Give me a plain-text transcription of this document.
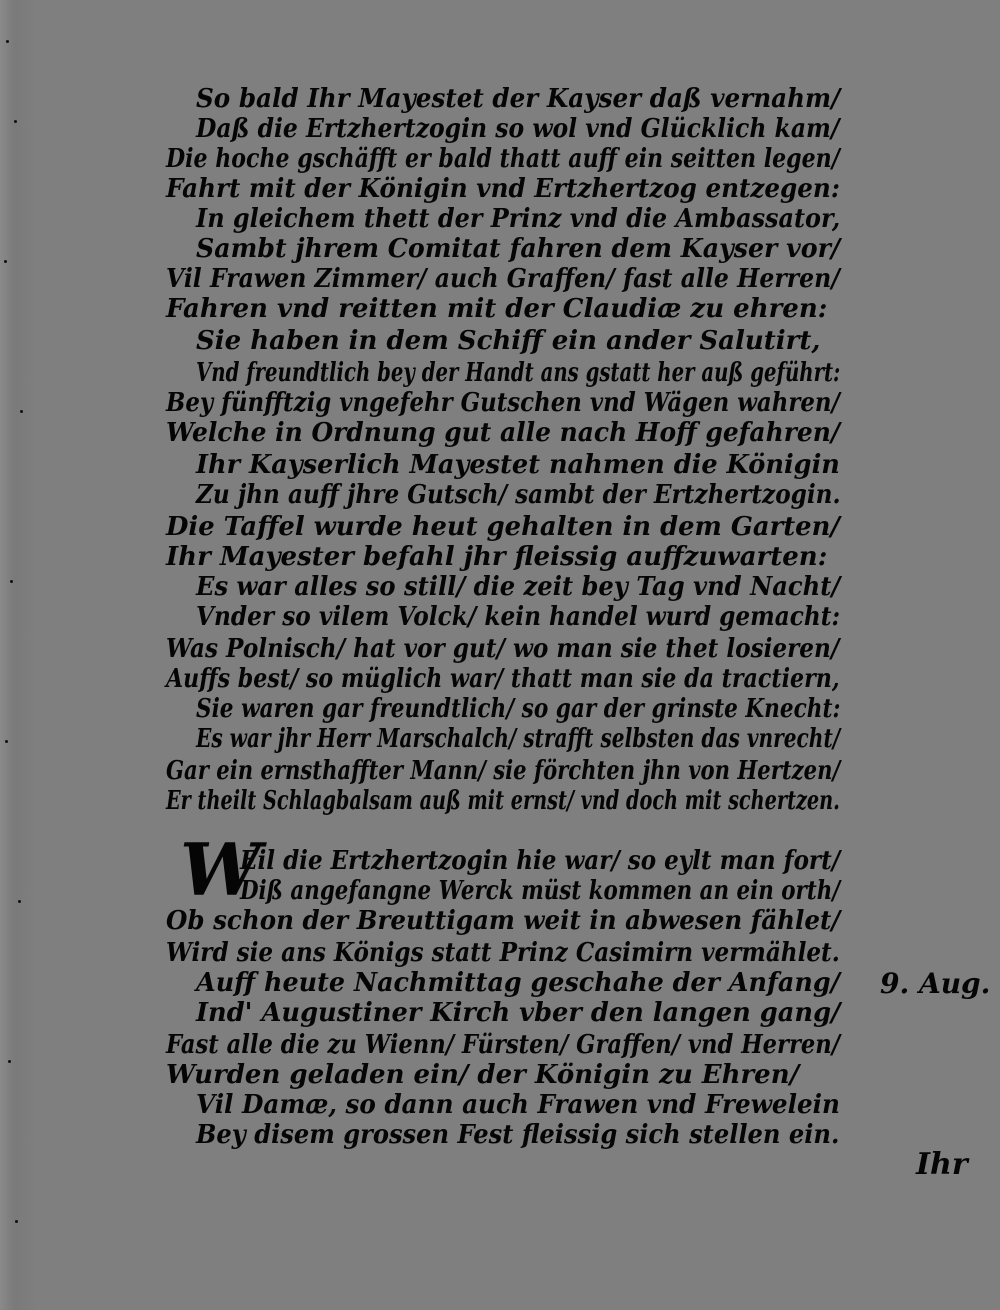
So bald Ihr Mayestet der Kayser daß vernahm/
Daß die Ertzhertzogin so wol vnd Glücklich kam/
Die hoche gschäfft er bald thatt auff ein seitten legen/
Fahrt mit der Königin vnd Ertzhertzog entzegen:
In gleichem thett der Prinz vnd die Ambassator,
Sambt jhrem Comitat fahren dem Kayser vor/
Vil Frawen Zimmer/ auch Graffen/ fast alle Herren/
Fahren vnd reitten mit der Claudiæ zu ehren:
Sie haben in dem Schiff ein ander Salutirt,
Vnd freundtlich bey der Handt ans gstatt her auß geführt:
Bey fünfftzig vngefehr Gutschen vnd Wägen wahren/
Welche in Ordnung gut alle nach Hoff gefahren/
Ihr Kayserlich Mayestet nahmen die Königin
Zu jhn auff jhre Gutsch/ sambt der Ertzhertzogin.
Die Taffel wurde heut gehalten in dem Garten/
Ihr Mayester befahl jhr fleissig auffzuwarten:
Es war alles so still/ die zeit bey Tag vnd Nacht/
Vnder so vilem Volck/ kein handel wurd gemacht:
Was Polnisch/ hat vor gut/ wo man sie thet losieren/
Auffs best/ so müglich war/ thatt man sie da tractiern,
Sie waren gar freundtlich/ so gar der grinste Knecht:
Es war jhr Herr Marschalch/ strafft selbsten das vnrecht/
Gar ein ernsthaffter Mann/ sie förchten jhn von Hertzen/
Er theilt Schlagbalsam auß mit ernst/ vnd doch mit schertzen.
W
Eil die Ertzhertzogin hie war/ so eylt man fort/
Diß angefangne Werck müst kommen an ein orth/
Ob schon der Breuttigam weit in abwesen fählet/
Wird sie ans Königs statt Prinz Casimirn vermählet.
Auff heute Nachmittag geschahe der Anfang/
Ind' Augustiner Kirch vber den langen gang/
Fast alle die zu Wienn/ Fürsten/ Graffen/ vnd Herren/
Wurden geladen ein/ der Königin zu Ehren/
Vil Damæ, so dann auch Frawen vnd Frewelein
Bey disem grossen Fest fleissig sich stellen ein.
9. Aug.
Ihr
